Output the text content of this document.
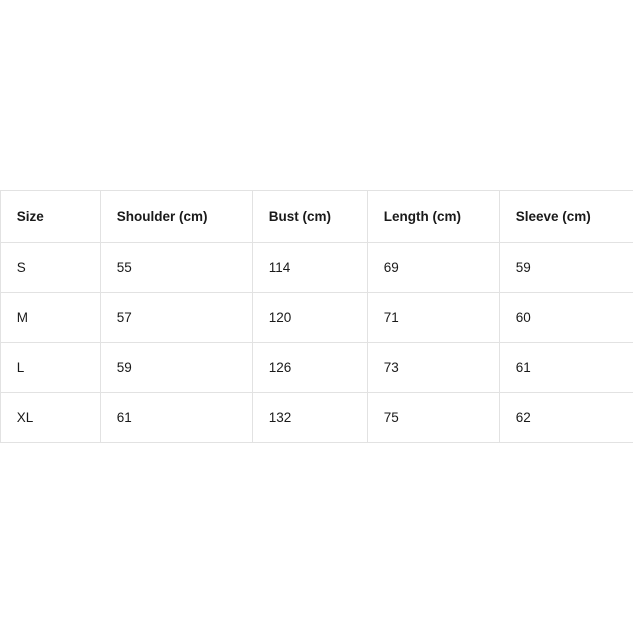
Size	Shoulder (cm)	Bust (cm)	Length (cm)	Sleeve (cm)
S	55	114	69	59
M	57	120	71	60
L	59	126	73	61
XL	61	132	75	62
